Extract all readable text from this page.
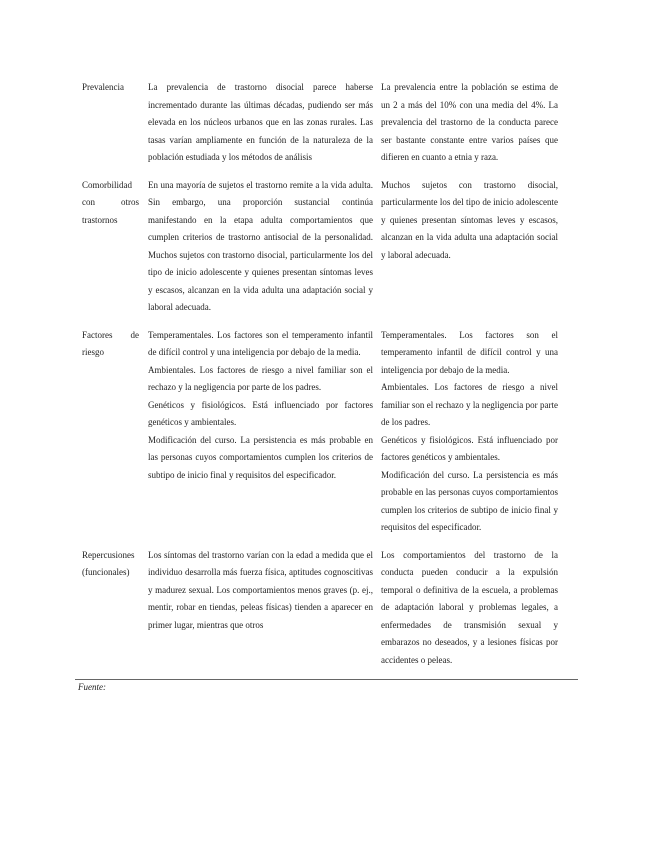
Prevalencia	La prevalencia de trastorno disocial parece haberse incrementado durante las últimas décadas, pudiendo ser más elevada en los núcleos urbanos que en las zonas rurales. Las tasas varían ampliamente en función de la naturaleza de la población estudiada y los métodos de análisis

La prevalencia entre la población se estima de un 2 a más del 10% con una media del 4%. La prevalencia del trastorno de la conducta parece ser bastante constante entre varios países que difieren en cuanto a etnia y raza.

Comorbilidad con otros trastornos

En una mayoría de sujetos el trastorno remite a la vida adulta. Sin embargo, una proporción sustancial continúa manifestando en la etapa adulta comportamientos que cumplen criterios de trastorno antisocial de la personalidad. Muchos sujetos con trastorno disocial, particularmente los del tipo de inicio adolescente y quienes presentan síntomas leves y escasos, alcanzan en la vida adulta una adaptación social y laboral adecuada.

Muchos sujetos con trastorno disocial, particularmente los del tipo de inicio adolescente y quienes presentan síntomas leves y escasos, alcanzan en la vida adulta una adaptación social y laboral adecuada.

Factores de riesgo

Temperamentales. Los factores son el temperamento infantil de difícil control y una inteligencia por debajo de la media.

Ambientales. Los factores de riesgo a nivel familiar son el rechazo y la negligencia por parte de los padres.

Genéticos y fisiológicos. Está influenciado por factores genéticos y ambientales.

Modificación del curso. La persistencia es más probable en las personas cuyos comportamientos cumplen los criterios de subtipo de inicio final y requisitos del especificador.

Temperamentales. Los factores son el temperamento infantil de difícil control y una inteligencia por debajo de la media.

Ambientales. Los factores de riesgo a nivel familiar son el rechazo y la negligencia por parte de los padres.

Genéticos y fisiológicos. Está influenciado por factores genéticos y ambientales.

Modificación del curso. La persistencia es más probable en las personas cuyos comportamientos cumplen los criterios de subtipo de inicio final y requisitos del especificador.

Repercusiones (funcionales)

Los síntomas del trastorno varían con la edad a medida que el individuo desarrolla más fuerza física, aptitudes cognoscitivas y madurez sexual. Los comportamientos menos graves (p. ej., mentir, robar en tiendas, peleas físicas) tienden a aparecer en primer lugar, mientras que otros

Los comportamientos del trastorno de la conducta pueden conducir a la expulsión temporal o definitiva de la escuela, a problemas de adaptación laboral y problemas legales, a enfermedades de transmisión sexual y embarazos no deseados, y a lesiones físicas por accidentes o peleas.

Fuente:
